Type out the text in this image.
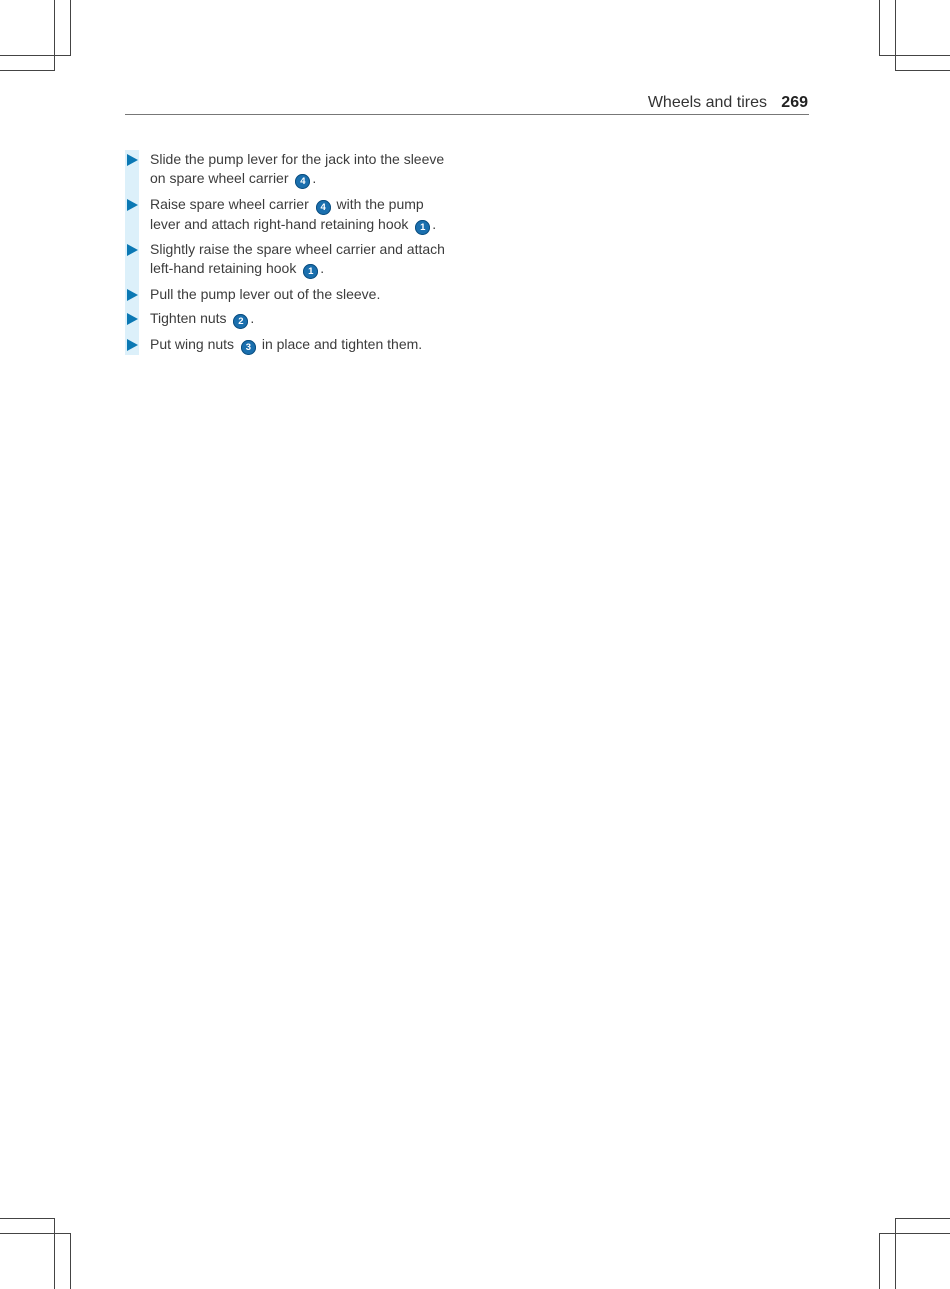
Wheels and tires 269
Slide the pump lever for the jack into the sleeve on spare wheel carrier 4 .
Raise spare wheel carrier 4 with the pump lever and attach right-hand retaining hook 1 .
Slightly raise the spare wheel carrier and attach left-hand retaining hook 1 .
Pull the pump lever out of the sleeve.
Tighten nuts 2 .
Put wing nuts 3 in place and tighten them.
